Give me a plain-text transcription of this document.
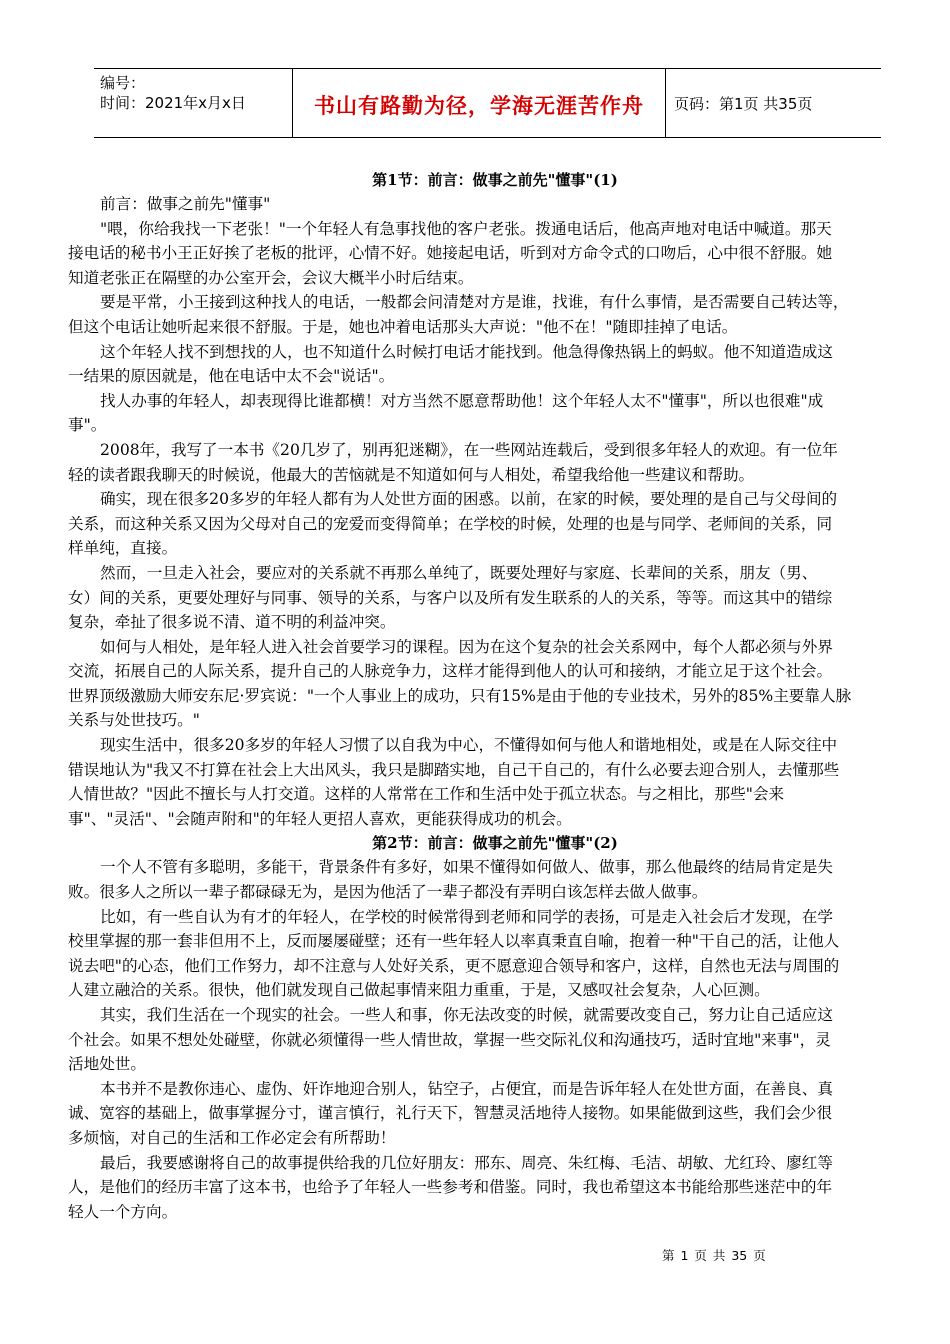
编号：
时间：2021年x月x日	书山有路勤为径，学海无涯苦作舟	页码：第1页 共35页
第1节：前言：做事之前先"懂事"(1)
前言：做事之前先"懂事"
"喂，你给我找一下老张！"一个年轻人有急事找他的客户老张。拨通电话后，他高声地对电话中喊道。那天
接电话的秘书小王正好挨了老板的批评，心情不好。她接起电话，听到对方命令式的口吻后，心中很不舒服。她
知道老张正在隔壁的办公室开会，会议大概半小时后结束。
要是平常，小王接到这种找人的电话，一般都会问清楚对方是谁，找谁，有什么事情，是否需要自己转达等，
但这个电话让她听起来很不舒服。于是，她也冲着电话那头大声说："他不在！"随即挂掉了电话。
这个年轻人找不到想找的人，也不知道什么时候打电话才能找到。他急得像热锅上的蚂蚁。他不知道造成这
一结果的原因就是，他在电话中太不会"说话"。
找人办事的年轻人，却表现得比谁都横！对方当然不愿意帮助他！这个年轻人太不"懂事"，所以也很难"成
事"。
2008年，我写了一本书《20几岁了，别再犯迷糊》，在一些网站连载后，受到很多年轻人的欢迎。有一位年
轻的读者跟我聊天的时候说，他最大的苦恼就是不知道如何与人相处，希望我给他一些建议和帮助。
确实，现在很多20多岁的年轻人都有为人处世方面的困惑。以前，在家的时候，要处理的是自己与父母间的
关系，而这种关系又因为父母对自己的宠爱而变得简单；在学校的时候，处理的也是与同学、老师间的关系，同
样单纯，直接。
然而，一旦走入社会，要应对的关系就不再那么单纯了，既要处理好与家庭、长辈间的关系，朋友（男、
女）间的关系，更要处理好与同事、领导的关系，与客户以及所有发生联系的人的关系，等等。而这其中的错综
复杂，牵扯了很多说不清、道不明的利益冲突。
如何与人相处，是年轻人进入社会首要学习的课程。因为在这个复杂的社会关系网中，每个人都必须与外界
交流，拓展自己的人际关系，提升自己的人脉竞争力，这样才能得到他人的认可和接纳，才能立足于这个社会。
世界顶级激励大师安东尼·罗宾说："一个人事业上的成功，只有15%是由于他的专业技术，另外的85%主要靠人脉
关系与处世技巧。"
现实生活中，很多20多岁的年轻人习惯了以自我为中心，不懂得如何与他人和谐地相处，或是在人际交往中
错误地认为"我又不打算在社会上大出风头，我只是脚踏实地，自己干自己的，有什么必要去迎合别人，去懂那些
人情世故？"因此不擅长与人打交道。这样的人常常在工作和生活中处于孤立状态。与之相比，那些"会来
事"、"灵活"、"会随声附和"的年轻人更招人喜欢，更能获得成功的机会。
第2节：前言：做事之前先"懂事"(2)
一个人不管有多聪明，多能干，背景条件有多好，如果不懂得如何做人、做事，那么他最终的结局肯定是失
败。很多人之所以一辈子都碌碌无为，是因为他活了一辈子都没有弄明白该怎样去做人做事。
比如，有一些自认为有才的年轻人，在学校的时候常得到老师和同学的表扬，可是走入社会后才发现，在学
校里掌握的那一套非但用不上，反而屡屡碰壁；还有一些年轻人以率真秉直自喻，抱着一种"干自己的活，让他人
说去吧"的心态，他们工作努力，却不注意与人处好关系，更不愿意迎合领导和客户，这样，自然也无法与周围的
人建立融洽的关系。很快，他们就发现自己做起事情来阻力重重，于是，又感叹社会复杂，人心叵测。
其实，我们生活在一个现实的社会。一些人和事，你无法改变的时候，就需要改变自己，努力让自己适应这
个社会。如果不想处处碰壁，你就必须懂得一些人情世故，掌握一些交际礼仪和沟通技巧，适时宜地"来事"，灵
活地处世。
本书并不是教你违心、虚伪、奸诈地迎合别人，钻空子，占便宜，而是告诉年轻人在处世方面，在善良、真
诚、宽容的基础上，做事掌握分寸，谨言慎行，礼行天下，智慧灵活地待人接物。如果能做到这些，我们会少很
多烦恼，对自己的生活和工作必定会有所帮助！
最后，我要感谢将自己的故事提供给我的几位好朋友：邢东、周亮、朱红梅、毛洁、胡敏、尤红玲、廖红等
人，是他们的经历丰富了这本书，也给予了年轻人一些参考和借鉴。同时，我也希望这本书能给那些迷茫中的年
轻人一个方向。
第 1 页 共 35 页
